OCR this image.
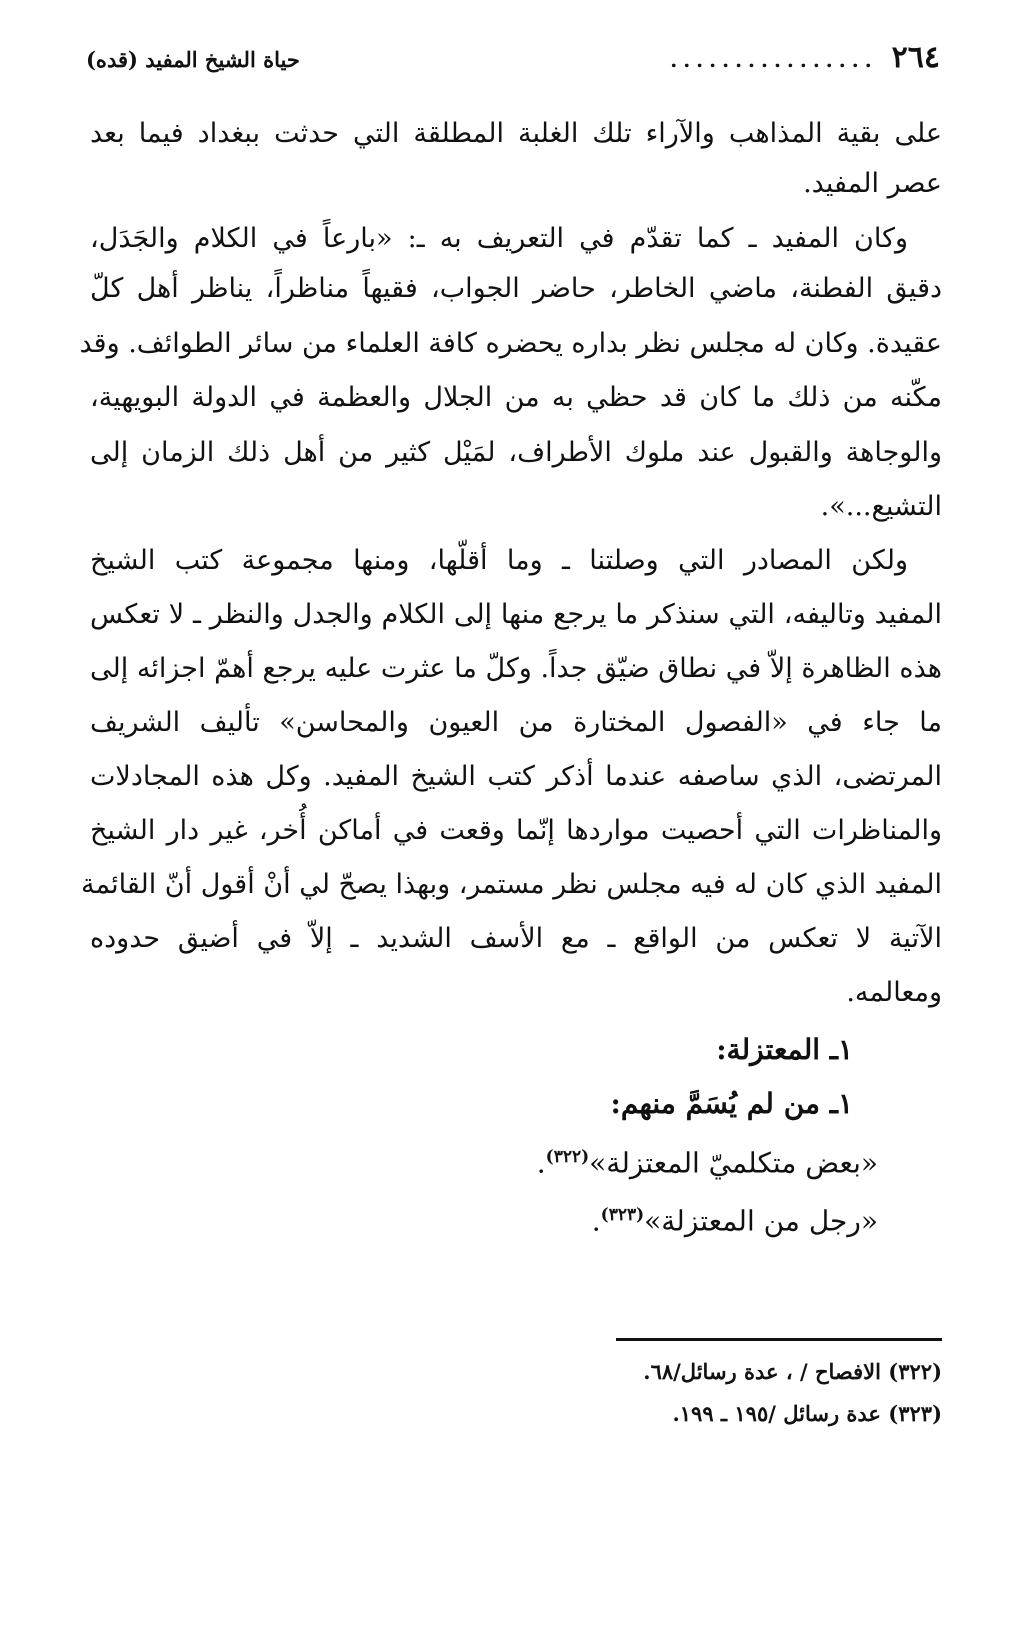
٢٦٤
................
حياة الشيخ المفيد (قده)
على بقية المذاهب والآراء تلك الغلبة المطلقة التي حدثت ببغداد فيما بعد
عصر المفيد.
وكان المفيد ـ كما تقدّم في التعريف به ـ: «بارعاً في الكلام والجَدَل،
دقيق الفطنة، ماضي الخاطر، حاضر الجواب، فقيهاً مناظراً، يناظر أهل كلّ
عقيدة. وكان له مجلس نظر بداره يحضره كافة العلماء من سائر الطوائف. وقد
مكّنه من ذلك ما كان قد حظي به من الجلال والعظمة في الدولة البويهية،
والوجاهة والقبول عند ملوك الأطراف، لمَيْل كثير من أهل ذلك الزمان إلى
التشيع...».
ولكن المصادر التي وصلتنا ـ وما أقلّها، ومنها مجموعة كتب الشيخ
المفيد وتاليفه، التي سنذكر ما يرجع منها إلى الكلام والجدل والنظر ـ لا تعكس
هذه الظاهرة إلاّ في نطاق ضيّق جداً. وكلّ ما عثرت عليه يرجع أهمّ اجزائه إلى
ما جاء في «الفصول المختارة من العيون والمحاسن» تأليف الشريف
المرتضى، الذي ساصفه عندما أذكر كتب الشيخ المفيد. وكل هذه المجادلات
والمناظرات التي أحصيت مواردها إنّما وقعت في أماكن أُخر، غير دار الشيخ
المفيد الذي كان له فيه مجلس نظر مستمر، وبهذا يصحّ لي أنْ أقول أنّ القائمة
الآتية لا تعكس من الواقع ـ مع الأسف الشديد ـ إلاّ في أضيق حدوده
ومعالمه.
١ـ المعتزلة:
١ـ من لم يُسَمَّ منهم:
«بعض متكلميّ المعتزلة»$^{(٣٢٢)}$.
«رجل من المعتزلة»$^{(٣٢٣)}$.
(٣٢٢) الافصاح / ، عدة رسائل/٦٨.
(٣٢٣) عدة رسائل /١٩٥ ـ ١٩٩.
